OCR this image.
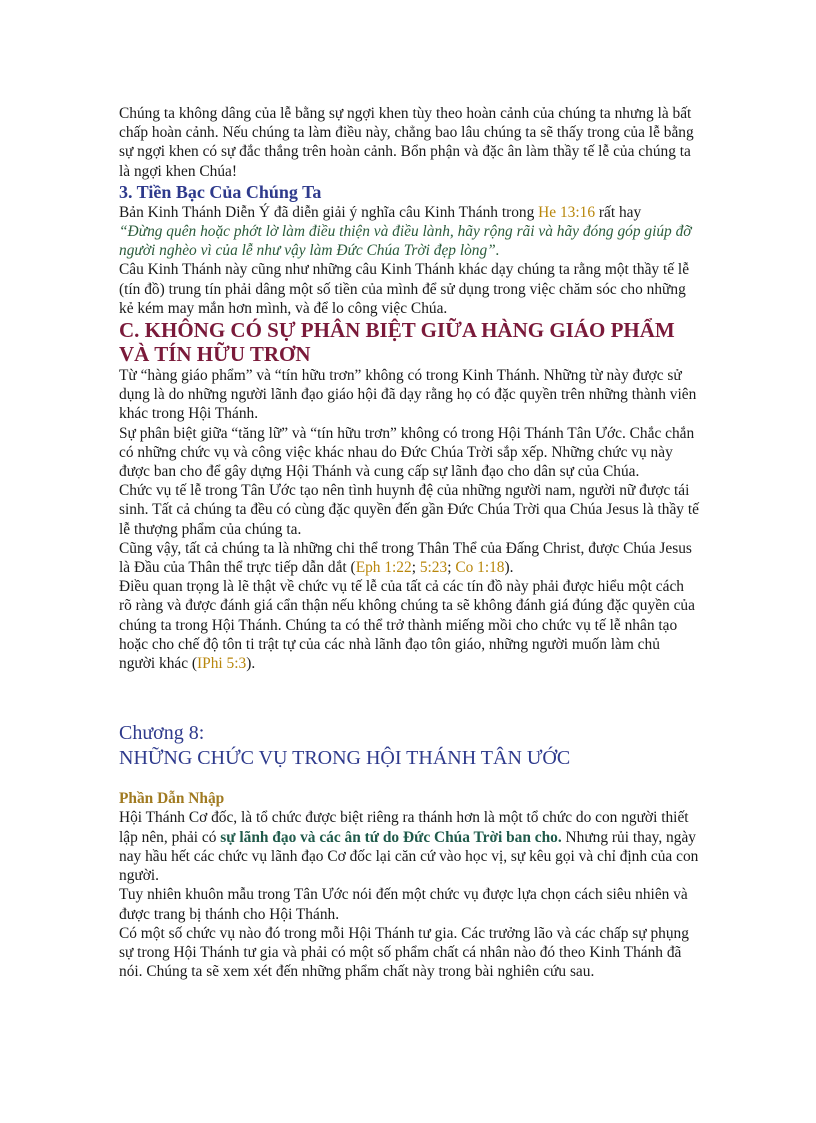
Chúng ta không dâng của lễ bằng sự ngợi khen tùy theo hoàn cảnh của chúng ta nhưng là bất chấp hoàn cảnh. Nếu chúng ta làm điều này, chẳng bao lâu chúng ta sẽ thấy trong của lễ bằng sự ngợi khen có sự đắc thắng trên hoàn cảnh. Bổn phận và đặc ân làm thầy tế lễ của chúng ta là ngợi khen Chúa!

3. Tiền Bạc Của Chúng Ta

Bản Kinh Thánh Diễn Ý đã diễn giải ý nghĩa câu Kinh Thánh trong He 13:16 rất hay

“Đừng quên hoặc phớt lờ làm điều thiện và điều lành, hãy rộng rãi và hãy đóng góp giúp đỡ người nghèo vì của lễ như vậy làm Đức Chúa Trời đẹp lòng”.

Câu Kinh Thánh này cũng như những câu Kinh Thánh khác dạy chúng ta rằng một thầy tế lễ (tín đồ) trung tín phải dâng một số tiền của mình để sử dụng trong việc chăm sóc cho những kẻ kém may mắn hơn mình, và để lo công việc Chúa.

C. KHÔNG CÓ SỰ PHÂN BIỆT GIỮA HÀNG GIÁO PHẨM VÀ TÍN HỮU TRƠN

Từ “hàng giáo phẩm” và “tín hữu trơn” không có trong Kinh Thánh. Những từ này được sử dụng là do những người lãnh đạo giáo hội đã dạy rằng họ có đặc quyền trên những thành viên khác trong Hội Thánh.

Sự phân biệt giữa “tăng lữ” và “tín hữu trơn” không có trong Hội Thánh Tân Ước. Chắc chắn có những chức vụ và công việc khác nhau do Đức Chúa Trời sắp xếp. Những chức vụ này được ban cho để gây dựng Hội Thánh và cung cấp sự lãnh đạo cho dân sự của Chúa.

Chức vụ tế lễ trong Tân Ước tạo nên tình huynh đệ của những người nam, người nữ được tái sinh. Tất cả chúng ta đều có cùng đặc quyền đến gần Đức Chúa Trời qua Chúa Jesus là thầy tế lễ thượng phẩm của chúng ta.

Cũng vậy, tất cả chúng ta là những chi thể trong Thân Thể của Đấng Christ, được Chúa Jesus là Đầu của Thân thể trực tiếp dẫn dắt (Eph 1:22; 5:23; Co 1:18).

Điều quan trọng là lẽ thật về chức vụ tế lễ của tất cả các tín đồ này phải được hiểu một cách rõ ràng và được đánh giá cẩn thận nếu không chúng ta sẽ không đánh giá đúng đặc quyền của chúng ta trong Hội Thánh. Chúng ta có thể trở thành miếng mồi cho chức vụ tế lễ nhân tạo hoặc cho chế độ tôn ti trật tự của các nhà lãnh đạo tôn giáo, những người muốn làm chủ người khác (IPhi 5:3).

Chương 8:

NHỮNG CHỨC VỤ TRONG HỘI THÁNH TÂN ƯỚC

Phần Dẫn Nhập

Hội Thánh Cơ đốc, là tổ chức được biệt riêng ra thánh hơn là một tổ chức do con người thiết lập nên, phải có sự lãnh đạo và các ân tứ do Đức Chúa Trời ban cho. Nhưng rủi thay, ngày nay hầu hết các chức vụ lãnh đạo Cơ đốc lại căn cứ vào học vị, sự kêu gọi và chỉ định của con người.

Tuy nhiên khuôn mẫu trong Tân Ước nói đến một chức vụ được lựa chọn cách siêu nhiên và được trang bị thánh cho Hội Thánh.

Có một số chức vụ nào đó trong mỗi Hội Thánh tư gia. Các trưởng lão và các chấp sự phụng sự trong Hội Thánh tư gia và phải có một số phẩm chất cá nhân nào đó theo Kinh Thánh đã nói. Chúng ta sẽ xem xét đến những phẩm chất này trong bài nghiên cứu sau.
